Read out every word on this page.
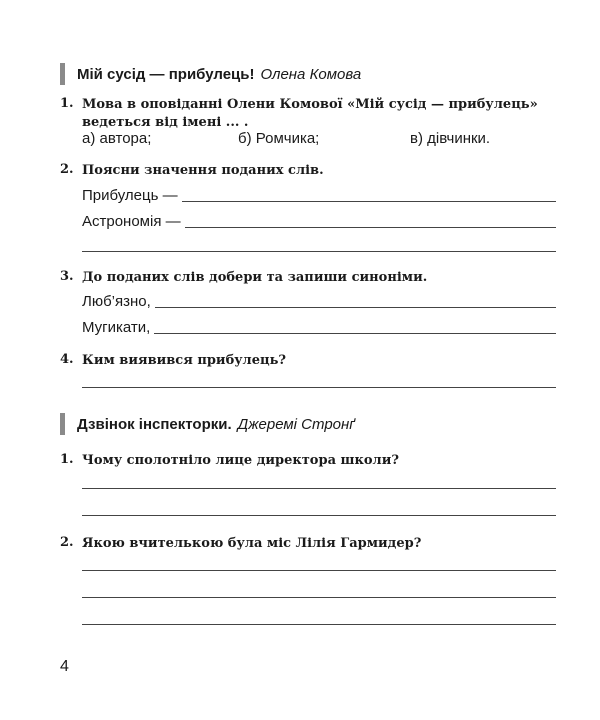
Мій сусід — прибулець! Олена Комова
1. Мова в оповіданні Олени Комової «Мій сусід — прибулець» ведеться від імені ... .
а) автора;	б) Ромчика;	в) дівчинки.
2. Поясни значення поданих слів.
Прибулець —
Астрономія —
3. До поданих слів добери та запиши синоніми.
Люб’язно,
Мугикати,
4. Ким виявився прибулець?
Дзвінок інспекторки. Джеремі Стронґ
1. Чому сполотніло лице директора школи?
2. Якою вчителькою була міс Лілія Гармидер?
4
